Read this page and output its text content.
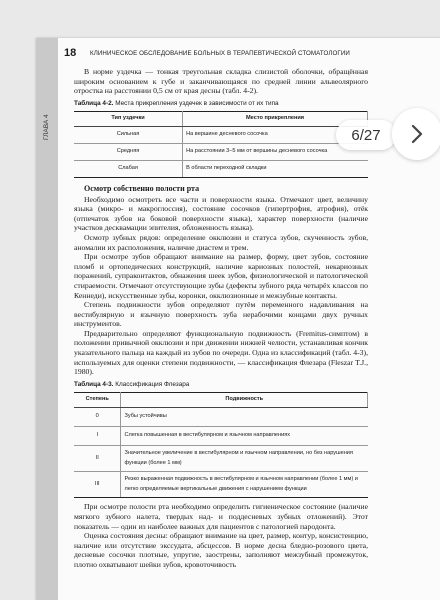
ГЛАВА 4
18 КЛИНИЧЕСКОЕ ОБСЛЕДОВАНИЕ БОЛЬНЫХ В ТЕРАПЕВТИЧЕСКОЙ СТОМАТОЛОГИИ

В норме уздечка — тонкая треугольная складка слизистой оболочки, обращённая широким основанием к губе и заканчивающаяся по средней линии альвеолярного отростка на расстоянии 0,5 см от края десны (табл. 4-2).

Таблица 4-2. Места прикрепления уздечек в зависимости от их типа
Тип уздечки	Место прикрепления
Сильная	На вершине десневого сосочка
Средняя	На расстоянии 3–5 мм от вершины десневого сосочка
Слабая	В области переходной складки
Осмотр собственно полости рта

Необходимо осмотреть все части и поверхности языка. Отмечают цвет, величину языка (микро- и макроглоссия), состояние сосочков (гипертрофия, атрофия), отёк (отпечаток зубов на боковой поверхности языка), характер поверхности (наличие участков десквамации эпителия, обложенность языка).

Осмотр зубных рядов: определение окклюзии и статуса зубов, скученность зубов, аномалии их расположения, наличие диастем и трем.

При осмотре зубов обращают внимание на размер, форму, цвет зубов, состояние пломб и ортопедических конструкций, наличие кариозных полостей, некариозных поражений, супраконтактов, обнажения шеек зубов, физиологической и патологической стираемости. Отмечают отсутствующие зубы (дефекты зубного ряда четырёх классов по Кеннеди), искусственные зубы, коронки, окклюзионные и межзубные контакты.

Степень подвижности зубов определяют путём переменного надавливания на вестибулярную и язычную поверхность зуба нерабочими концами двух ручных инструментов.

Предварительно определяют функциональную подвижность (Fremitus-симптом) в положении привычной окклюзии и при движении нижней челюсти, устанавливая кончик указательного пальца на каждый из зубов по очереди. Одна из классификаций (табл. 4-3), используемых для оценки степени подвижности, — классификация Флезара (Fleszar T.J., 1980).

Таблица 4-3. Классификация Флезара
Степень	Подвижность
0	Зубы устойчивы
I	Слегка повышенная в вестибулярном и язычном направлениях
II	Значительное увеличение в вестибулярном и язычном направлении, но без нарушения функции (более 1 мм)
III	Резко выраженная подвижность в вестибулярном и язычном направлении (более 1 мм) и легко определяемые вертикальные движения с нарушением функции

При осмотре полости рта необходимо определить гигиеническое состояние (наличие мягкого зубного налета, твердых над- и поддесневых зубных отложений). Этот показатель — один из наиболее важных для пациентов с патологией пародонта.

Оценка состояния десны: обращают внимание на цвет, размер, контур, консистенцию, наличие или отсутствие экссудата, абсцессов. В норме десна бледно-розового цвета, десневые сосочки плотные, упругие, заострены, заполняют межзубный промежуток, плотно охватывают шейки зубов, кровоточивость

6/27
